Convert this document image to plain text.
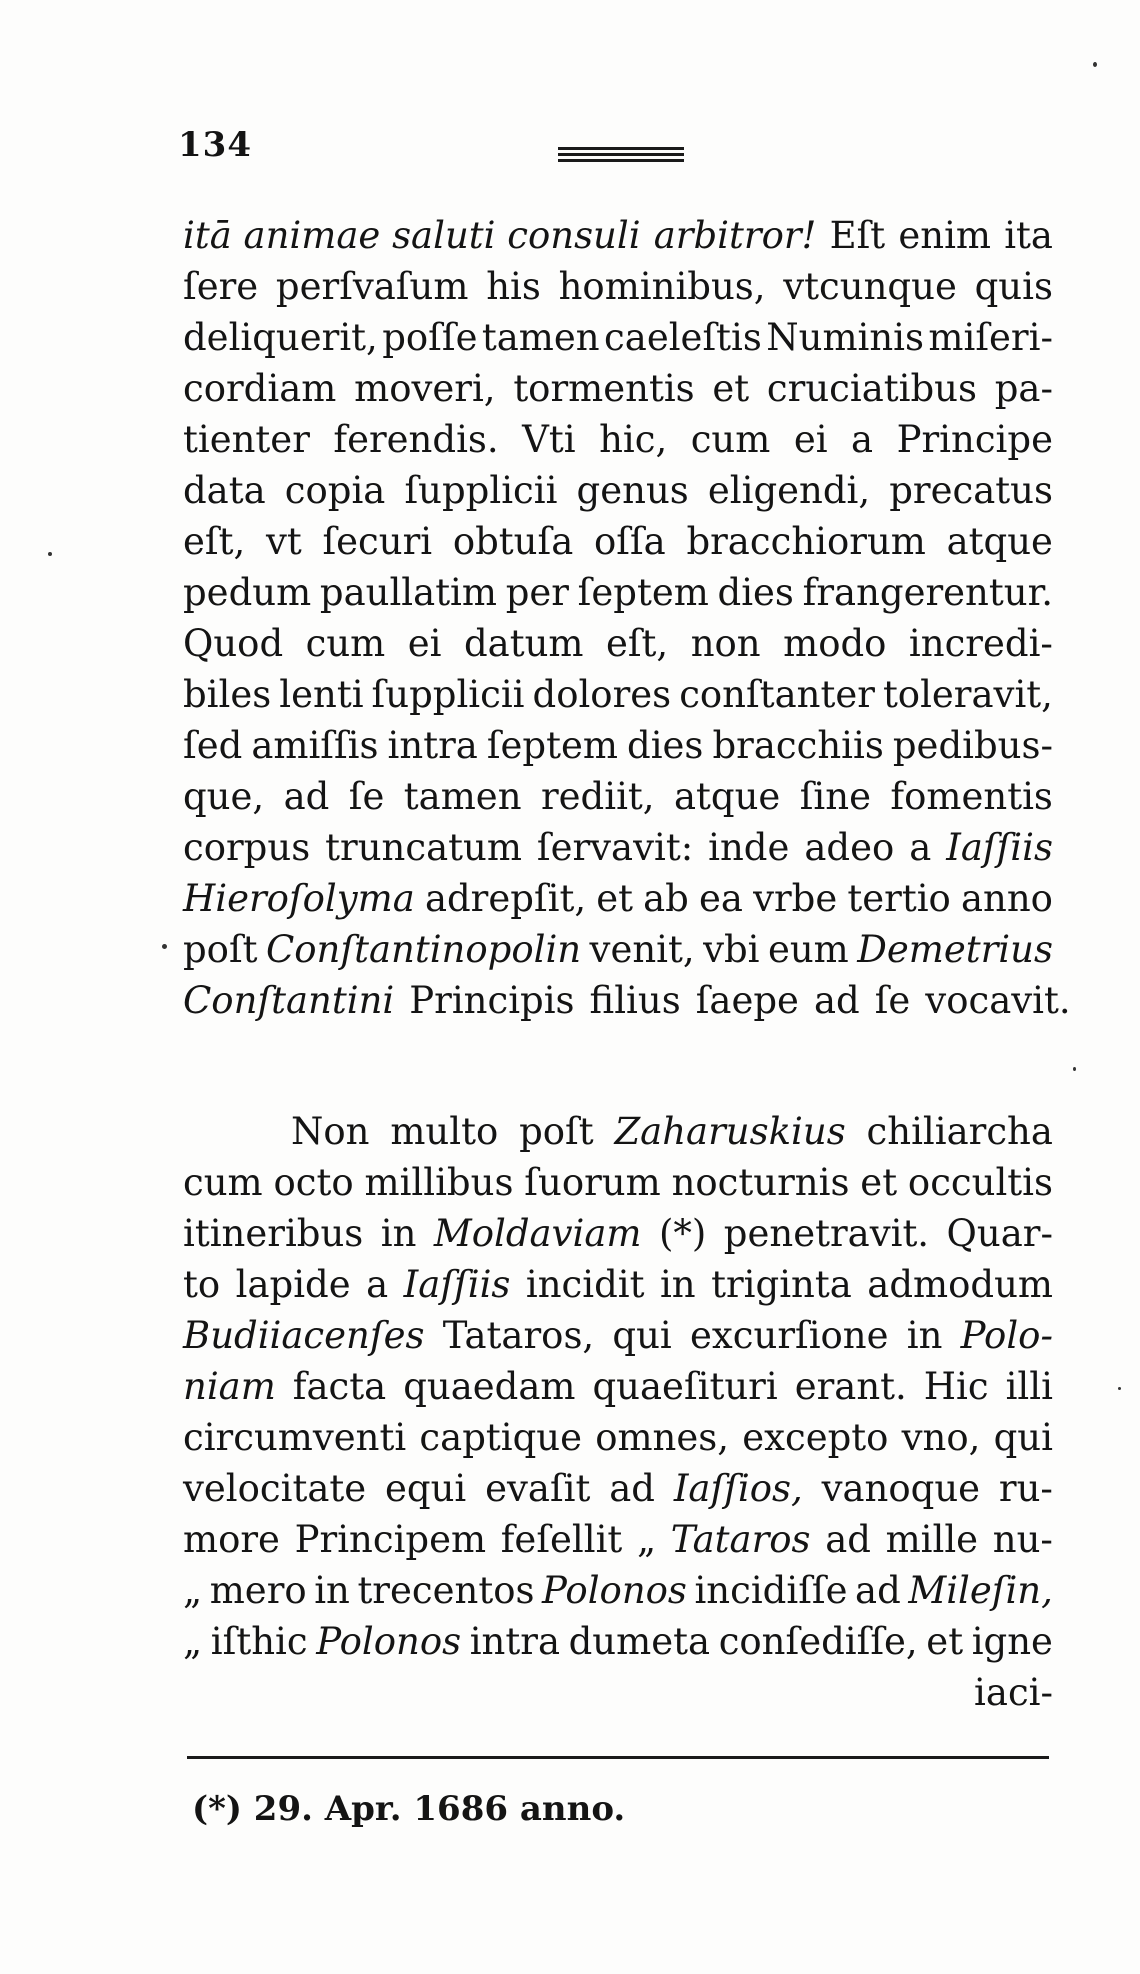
134
itā animae saluti consuli arbitror! Eſt enim ita
ſere perſvaſum his hominibus, vtcunque quis
deliquerit, poſſe tamen caeleſtis Numinis miſeri-
cordiam moveri, tormentis et cruciatibus pa-
tienter ferendis. Vti hic, cum ei a Principe
data copia ſupplicii genus eligendi, precatus
eſt, vt ſecuri obtuſa oſſa bracchiorum atque
pedum paullatim per ſeptem dies frangerentur.
Quod cum ei datum eſt, non modo incredi-
biles lenti ſupplicii dolores conſtanter toleravit,
ſed amiſſis intra ſeptem dies bracchiis pedibus-
que, ad ſe tamen rediit, atque ſine fomentis
corpus truncatum ſervavit: inde adeo a Iaſſiis
Hieroſolyma adrepſit, et ab ea vrbe tertio anno
poſt Conſtantinopolin venit, vbi eum Demetrius
Conſtantini Principis filius ſaepe ad ſe vocavit.
Non multo poſt Zaharuskius chiliarcha
cum octo millibus ſuorum nocturnis et occultis
itineribus in Moldaviam (*) penetravit. Quar-
to lapide a Iaſſiis incidit in triginta admodum
Budiiacenſes Tataros, qui excurſione in Polo-
niam facta quaedam quaeſituri erant. Hic illi
circumventi captique omnes, excepto vno, qui
velocitate equi evaſit ad Iaſſios, vanoque ru-
more Principem feſellit „ Tataros ad mille nu-
„ mero in trecentos Polonos incidiſſe ad Mileſin,
„ iſthic Polonos intra dumeta conſediſſe, et igne
iaci-
(*) 29. Apr. 1686 anno.
